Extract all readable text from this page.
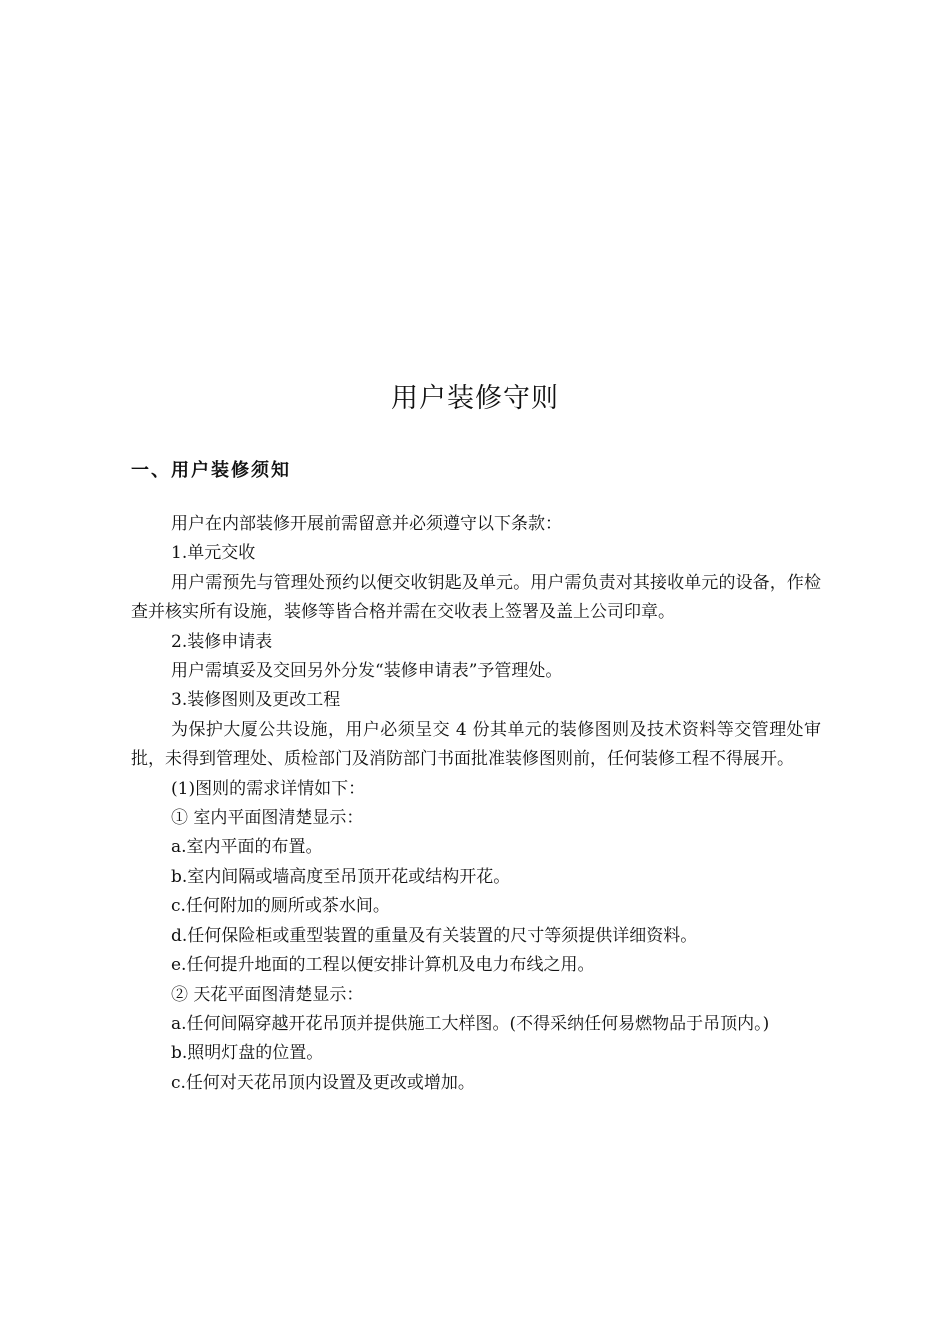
用户装修守则
一、用户装修须知

用户在内部装修开展前需留意并必须遵守以下条款：

1.单元交收

用户需预先与管理处预约以便交收钥匙及单元。用户需负责对其接收单元的设备，作检查并核实所有设施，装修等皆合格并需在交收表上签署及盖上公司印章。

2.装修申请表

用户需填妥及交回另外分发“装修申请表”予管理处。

3.装修图则及更改工程

为保护大厦公共设施，用户必须呈交 4 份其单元的装修图则及技术资料等交管理处审批，未得到管理处、质检部门及消防部门书面批准装修图则前，任何装修工程不得展开。

(1)图则的需求详情如下：

① 室内平面图清楚显示：

a.室内平面的布置。

b.室内间隔或墙高度至吊顶开花或结构开花。

c.任何附加的厕所或茶水间。

d.任何保险柜或重型装置的重量及有关装置的尺寸等须提供详细资料。

e.任何提升地面的工程以便安排计算机及电力布线之用。

② 天花平面图清楚显示：

a.任何间隔穿越开花吊顶并提供施工大样图。(不得采纳任何易燃物品于吊顶内。)

b.照明灯盘的位置。

c.任何对天花吊顶内设置及更改或增加。
